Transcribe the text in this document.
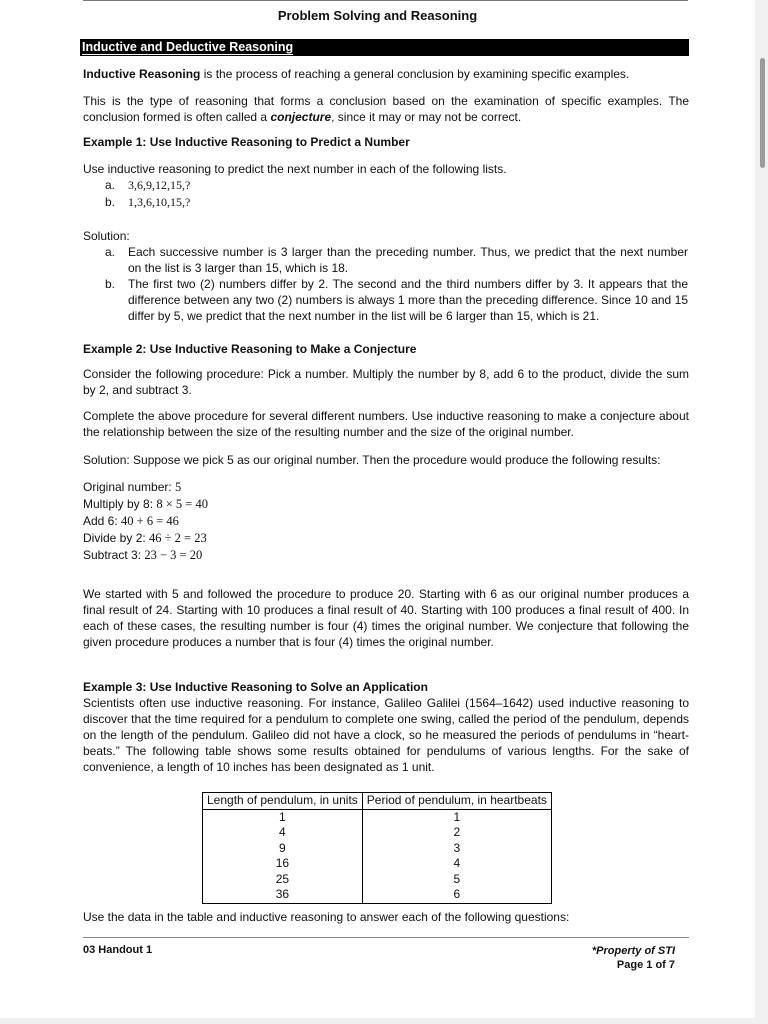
Problem Solving and Reasoning
Inductive and Deductive Reasoning

Inductive Reasoning is the process of reaching a general conclusion by examining specific examples.

This is the type of reasoning that forms a conclusion based on the examination of specific examples. The conclusion formed is often called a conjecture, since it may or may not be correct.

Example 1: Use Inductive Reasoning to Predict a Number

Use inductive reasoning to predict the next number in each of the following lists.

a. 3,6,9,12,15,?
b. 1,3,6,10,15,?

Solution:

a. Each successive number is 3 larger than the preceding number. Thus, we predict that the next number on the list is 3 larger than 15, which is 18.
b. The first two (2) numbers differ by 2. The second and the third numbers differ by 3. It appears that the difference between any two (2) numbers is always 1 more than the preceding difference. Since 10 and 15 differ by 5, we predict that the next number in the list will be 6 larger than 15, which is 21.

Example 2: Use Inductive Reasoning to Make a Conjecture

Consider the following procedure: Pick a number. Multiply the number by 8, add 6 to the product, divide the sum by 2, and subtract 3.

Complete the above procedure for several different numbers. Use inductive reasoning to make a conjecture about the relationship between the size of the resulting number and the size of the original number.

Solution: Suppose we pick 5 as our original number. Then the procedure would produce the following results:

Original number: 5
Multiply by 8: 8 × 5 = 40
Add 6: 40 + 6 = 46
Divide by 2: 46 ÷ 2 = 23
Subtract 3: 23 − 3 = 20

We started with 5 and followed the procedure to produce 20. Starting with 6 as our original number produces a final result of 24. Starting with 10 produces a final result of 40. Starting with 100 produces a final result of 400. In each of these cases, the resulting number is four (4) times the original number. We conjecture that following the given procedure produces a number that is four (4) times the original number.

Example 3: Use Inductive Reasoning to Solve an Application

Scientists often use inductive reasoning. For instance, Galileo Galilei (1564–1642) used inductive reasoning to discover that the time required for a pendulum to complete one swing, called the period of the pendulum, depends on the length of the pendulum. Galileo did not have a clock, so he measured the periods of pendulums in “heart-beats.” The following table shows some results obtained for pendulums of various lengths. For the sake of convenience, a length of 10 inches has been designated as 1 unit.

Length of pendulum, in units	Period of pendulum, in heartbeats
1	1
4	2
9	3
16	4
25	5
36	6

Use the data in the table and inductive reasoning to answer each of the following questions:

03 Handout 1	*Property of STI
Page 1 of 7
